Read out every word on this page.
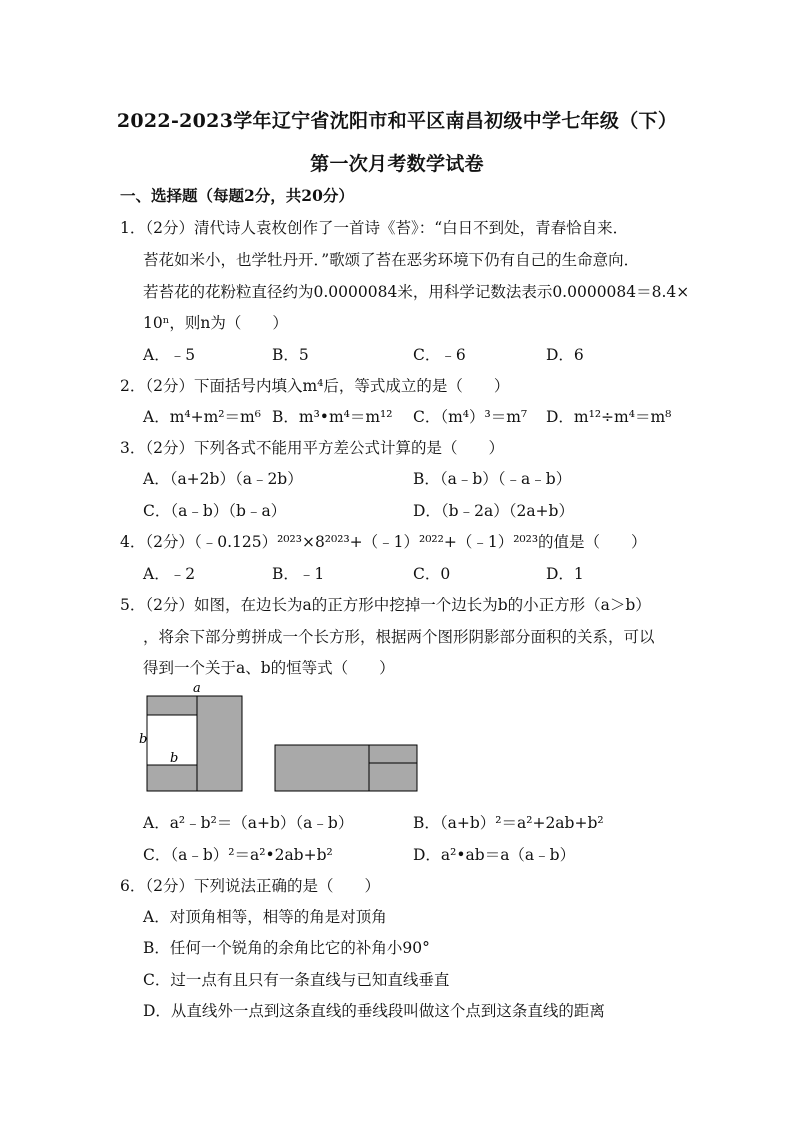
2022-2023学年辽宁省沈阳市和平区南昌初级中学七年级（下）
第一次月考数学试卷
一、选择题（每题2分，共20分）
1．（2分）清代诗人袁枚创作了一首诗《苔》：“白日不到处，青春恰自来．
苔花如米小，也学牡丹开．”歌颂了苔在恶劣环境下仍有自己的生命意向．
若苔花的花粉粒直径约为0.0000084米，用科学记数法表示0.0000084＝8.4×
10ⁿ，则n为（　　）
A．﹣5	B．5	C．﹣6	D．6
2．（2分）下面括号内填入m⁴后，等式成立的是（　　）
A．m⁴+m²＝m⁶ B．m³•m⁴＝m¹² C．（m⁴）³＝m⁷ D．m¹²÷m⁴＝m⁸
3．（2分）下列各式不能用平方差公式计算的是（　　）
A．（a+2b）（a﹣2b）	B．（a﹣b）（﹣a﹣b）
C．（a﹣b）（b﹣a）	D．（b﹣2a）（2a+b）
4．（2分）（﹣0.125）²⁰²³×8²⁰²³+（﹣1）²⁰²²+（﹣1）²⁰²³的值是（　　）
A．﹣2	B．﹣1	C．0	D．1
5．（2分）如图，在边长为a的正方形中挖掉一个边长为b的小正方形（a＞b）
，将余下部分剪拼成一个长方形，根据两个图形阴影部分面积的关系，可以
得到一个关于a、b的恒等式（　　）
a
b
b
A．a²﹣b²＝（a+b）（a﹣b）	B．（a+b）²＝a²+2ab+b²
C．（a﹣b）²＝a²•2ab+b²	D．a²•ab＝a（a﹣b）
6．（2分）下列说法正确的是（　　）
A．对顶角相等，相等的角是对顶角
B．任何一个锐角的余角比它的补角小90°
C．过一点有且只有一条直线与已知直线垂直
D．从直线外一点到这条直线的垂线段叫做这个点到这条直线的距离
